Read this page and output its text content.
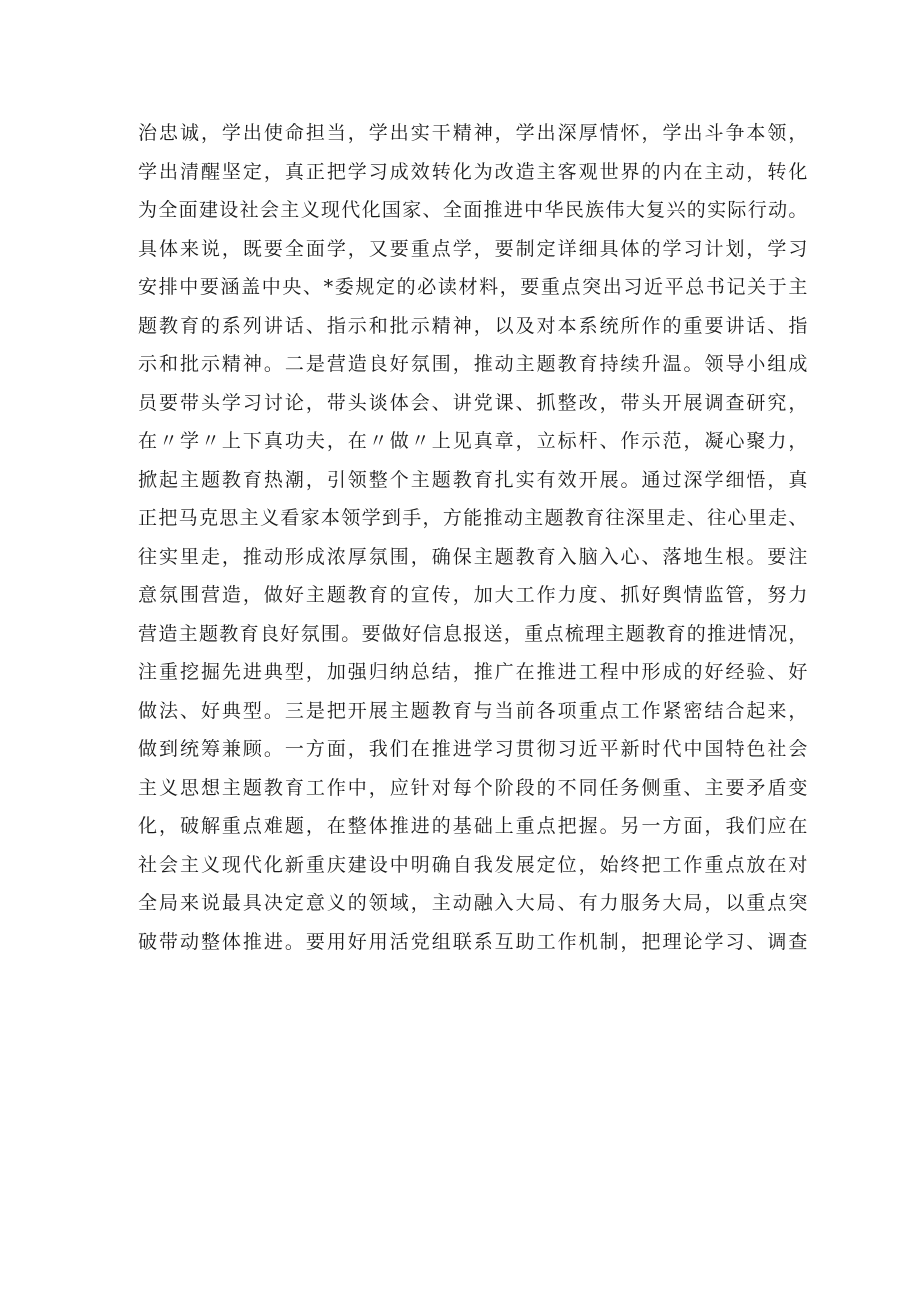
治忠诚，学出使命担当，学出实干精神，学出深厚情怀，学出斗争本领，
学出清醒坚定，真正把学习成效转化为改造主客观世界的内在主动，转化
为全面建设社会主义现代化国家、全面推进中华民族伟大复兴的实际行动。
具体来说，既要全面学，又要重点学，要制定详细具体的学习计划，学习
安排中要涵盖中央、*委规定的必读材料，要重点突出习近平总书记关于主
题教育的系列讲话、指示和批示精神，以及对本系统所作的重要讲话、指
示和批示精神。二是营造良好氛围，推动主题教育持续升温。领导小组成
员要带头学习讨论，带头谈体会、讲党课、抓整改，带头开展调查研究，
在〃学〃上下真功夫，在〃做〃上见真章，立标杆、作示范，凝心聚力，
掀起主题教育热潮，引领整个主题教育扎实有效开展。通过深学细悟，真
正把马克思主义看家本领学到手，方能推动主题教育往深里走、往心里走、
往实里走，推动形成浓厚氛围，确保主题教育入脑入心、落地生根。要注
意氛围营造，做好主题教育的宣传，加大工作力度、抓好舆情监管，努力
营造主题教育良好氛围。要做好信息报送，重点梳理主题教育的推进情况，
注重挖掘先进典型，加强归纳总结，推广在推进工程中形成的好经验、好
做法、好典型。三是把开展主题教育与当前各项重点工作紧密结合起来，
做到统筹兼顾。一方面，我们在推进学习贯彻习近平新时代中国特色社会
主义思想主题教育工作中，应针对每个阶段的不同任务侧重、主要矛盾变
化，破解重点难题，在整体推进的基础上重点把握。另一方面，我们应在
社会主义现代化新重庆建设中明确自我发展定位，始终把工作重点放在对
全局来说最具决定意义的领域，主动融入大局、有力服务大局，以重点突
破带动整体推进。要用好用活党组联系互助工作机制，把理论学习、调查
